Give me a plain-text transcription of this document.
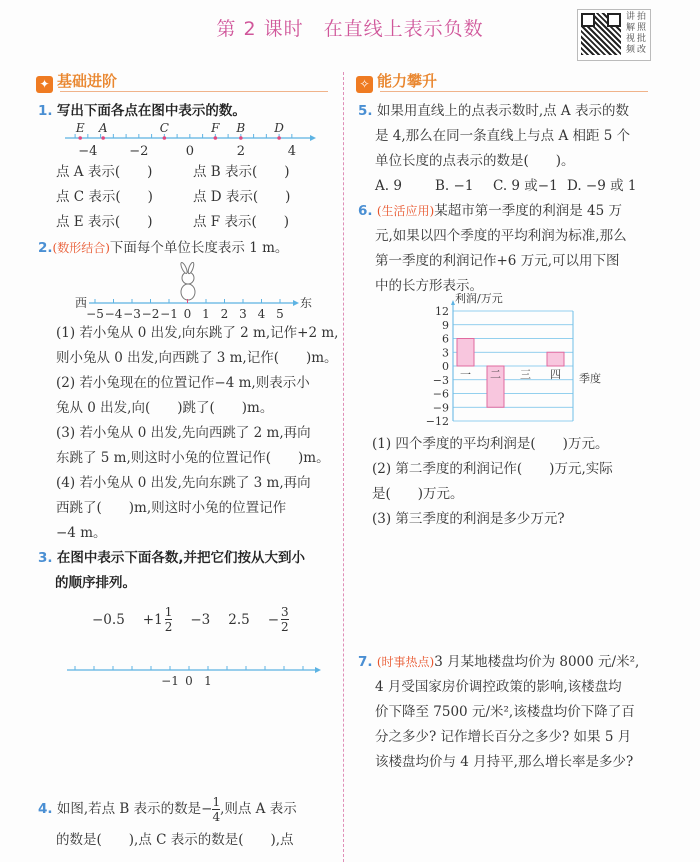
第 2 课时　在直线上表示负数
讲 拍
解 照
视 批
频 改
✦ 基础进阶	✧ 能力攀升
1. 写出下面各点在图中表示的数。
−4 −2	0	2	4
E A	C	F B D
点 A 表示(　　)	点 B 表示(　　)
点 C 表示(　　)	点 D 表示(　　)
点 E 表示(　　)	点 F 表示(　　)
2.(数形结合)下面每个单位长度表示 1 m。
西	东
−5 −4 −3 −2 −1 0 1 2 3 4 5
(1) 若小兔从 0 出发,向东跳了 2 m,记作+2 m,
则小兔从 0 出发,向西跳了 3 m,记作(　　)m。
(2) 若小兔现在的位置记作−4 m,则表示小
兔从 0 出发,向(　　)跳了(　　)m。
(3) 若小兔从 0 出发,先向西跳了 2 m,再向
东跳了 5 m,则这时小兔的位置记作(　　)m。
(4) 若小兔从 0 出发,先向东跳了 3 m,再向
西跳了(　　)m,则这时小兔的位置记作
−4 m。
3. 在图中表示下面各数,并把它们按从大到小
的顺序排列。
$-0.5 +1 \frac{1}{2} -3$ $2.5 - \frac{3}{2}$
−1 0 1
4.
如图,若点 B 表示的数是− $\frac{1}{4}$ ,则点 A 表示
的数是(　　),点 C 表示的数是(　　),点
5. 如果用直线上的点表示数时,点 A 表示的数
是 4,那么在同一条直线上与点 A 相距 5 个
单位长度的点表示的数是(　　)。
A. 9	B. −1	C. 9 或−1 D. −9 或 1
6. (生活应用)某超市第一季度的利润是 45 万
元,如果以四个季度的平均利润为标准,那么
第一季度的利润记作+6 万元,可以用下图
中的长方形表示。
利润/万元
12
9
6
3
0
−3
−6
−9
−12
一 二 三 四 季度
(1) 四个季度的平均利润是(　　)万元。
(2) 第二季度的利润记作(　　)万元,实际
是(　　)万元。
(3) 第三季度的利润是多少万元?
7. (时事热点)3 月某地楼盘均价为 8000 元/米²,
4 月受国家房价调控政策的影响,该楼盘均
价下降至 7500 元/米²,该楼盘均价下降了百
分之多少? 记作增长百分之多少? 如果 5 月
该楼盘均价与 4 月持平,那么增长率是多少?
